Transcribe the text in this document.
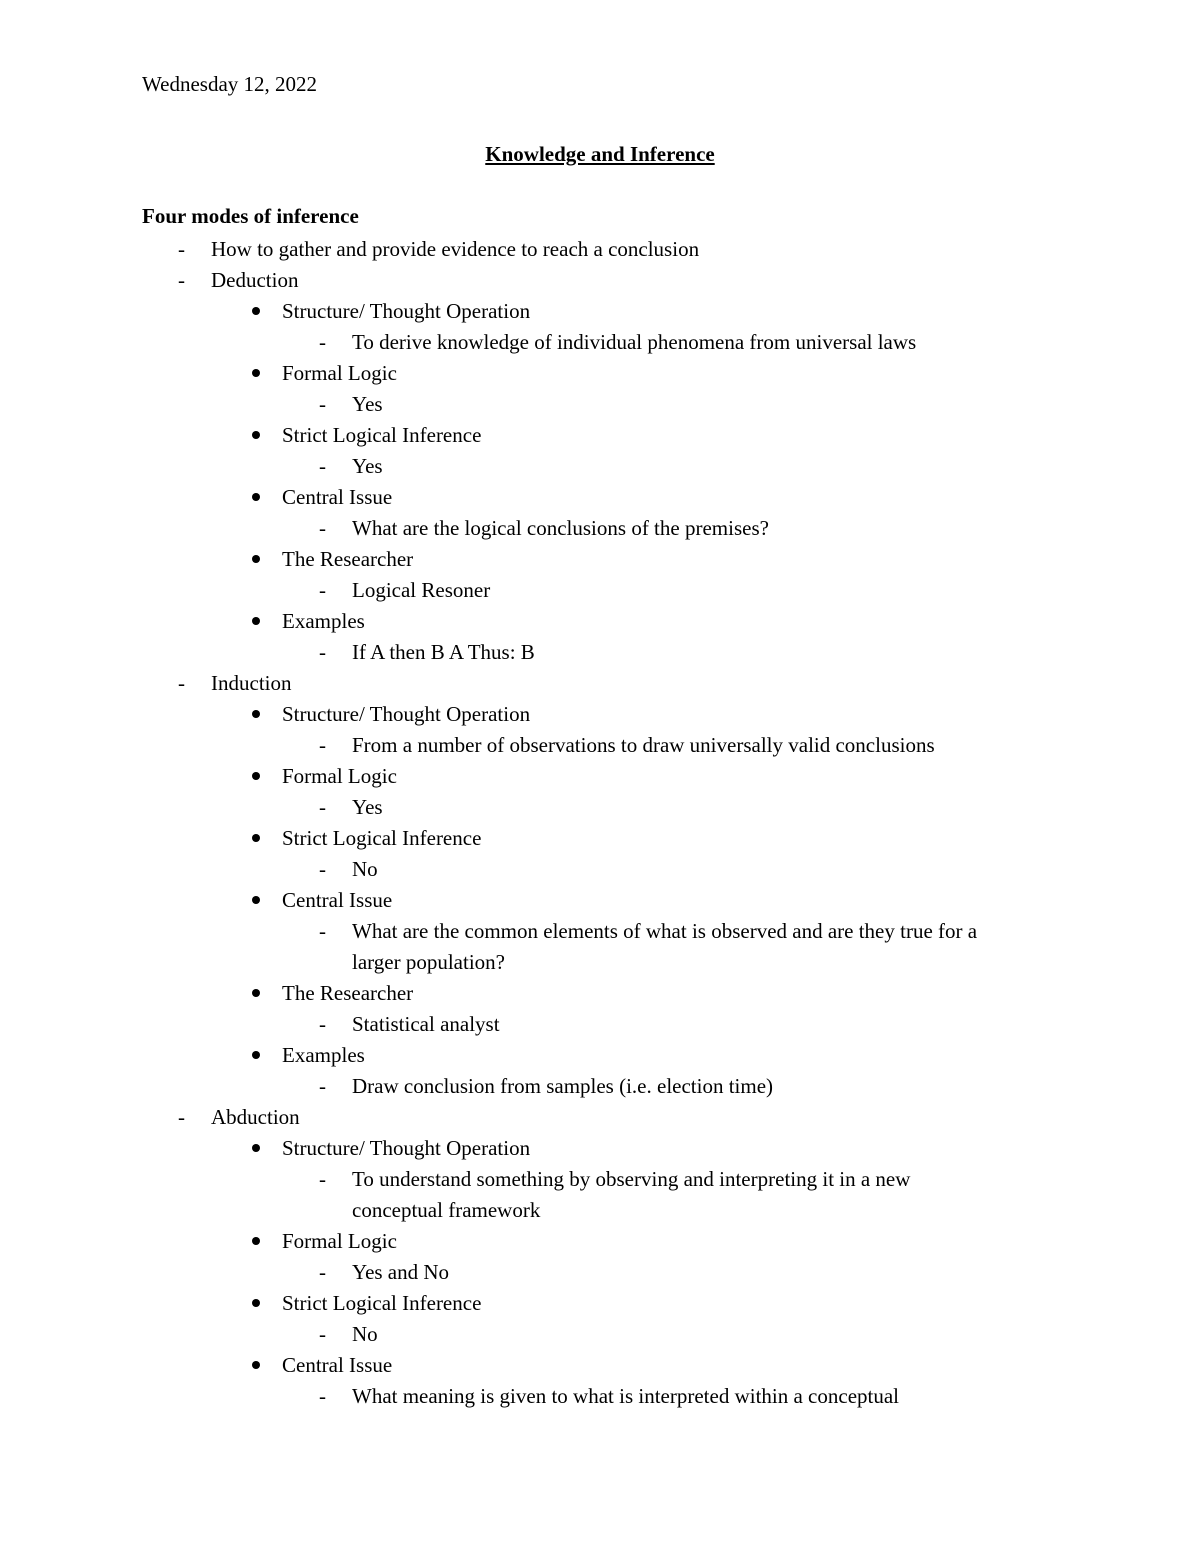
Wednesday 12, 2022
Knowledge and Inference
Four modes of inference
- How to gather and provide evidence to reach a conclusion
- Deduction
Structure/ Thought Operation
- To derive knowledge of individual phenomena from universal laws
Formal Logic
- Yes
Strict Logical Inference
- Yes
Central Issue
- What are the logical conclusions of the premises?
The Researcher
- Logical Resoner
Examples
- If A then B A Thus: B
- Induction
Structure/ Thought Operation
- From a number of observations to draw universally valid conclusions
Formal Logic
- Yes
Strict Logical Inference
- No
Central Issue
- What are the common elements of what is observed and are they true for a
larger population?
The Researcher
- Statistical analyst
Examples
- Draw conclusion from samples (i.e. election time)
- Abduction
Structure/ Thought Operation
- To understand something by observing and interpreting it in a new
conceptual framework
Formal Logic
- Yes and No
Strict Logical Inference
- No
Central Issue
- What meaning is given to what is interpreted within a conceptual
